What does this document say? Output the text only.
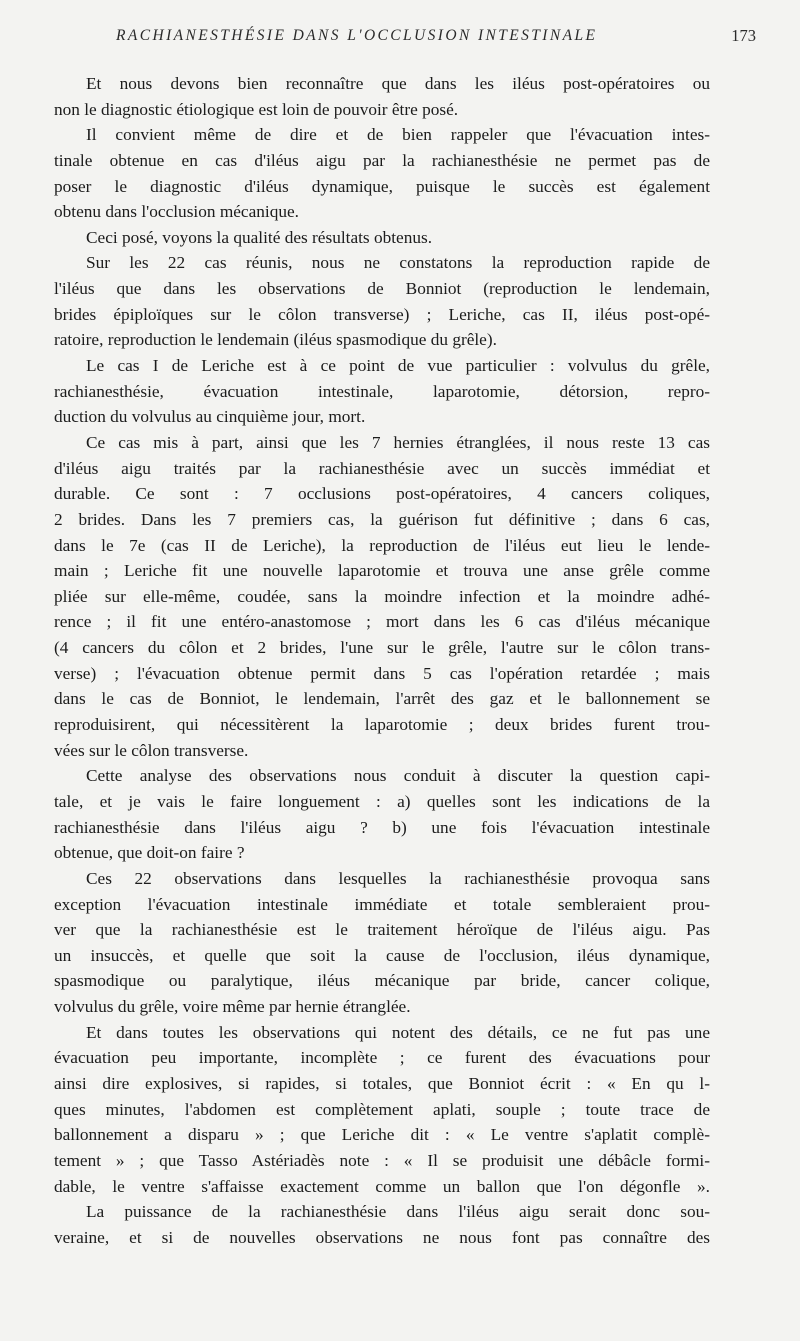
RACHIANESTHÉSIE DANS L'OCCLUSION INTESTINALE	173
Et nous devons bien reconnaître que dans les iléus post-opératoires ou
non le diagnostic étiologique est loin de pouvoir être posé.
Il convient même de dire et de bien rappeler que l'évacuation intes-
tinale obtenue en cas d'iléus aigu par la rachianesthésie ne permet pas de
poser le diagnostic d'iléus dynamique, puisque le succès est également
obtenu dans l'occlusion mécanique.
Ceci posé, voyons la qualité des résultats obtenus.
Sur les 22 cas réunis, nous ne constatons la reproduction rapide de
l'iléus que dans les observations de Bonniot (reproduction le lendemain,
brides épiploïques sur le côlon transverse) ; Leriche, cas II, iléus post-opé-
ratoire, reproduction le lendemain (iléus spasmodique du grêle).
Le cas I de Leriche est à ce point de vue particulier : volvulus du grêle,
rachianesthésie, évacuation intestinale, laparotomie, détorsion, repro-
duction du volvulus au cinquième jour, mort.
Ce cas mis à part, ainsi que les 7 hernies étranglées, il nous reste 13 cas
d'iléus aigu traités par la rachianesthésie avec un succès immédiat et
durable. Ce sont : 7 occlusions post-opératoires, 4 cancers coliques,
2 brides. Dans les 7 premiers cas, la guérison fut définitive ; dans 6 cas,
dans le 7e (cas II de Leriche), la reproduction de l'iléus eut lieu le lende-
main ; Leriche fit une nouvelle laparotomie et trouva une anse grêle comme
pliée sur elle-même, coudée, sans la moindre infection et la moindre adhé-
rence ; il fit une entéro-anastomose ; mort dans les 6 cas d'iléus mécanique
(4 cancers du côlon et 2 brides, l'une sur le grêle, l'autre sur le côlon trans-
verse) ; l'évacuation obtenue permit dans 5 cas l'opération retardée ; mais
dans le cas de Bonniot, le lendemain, l'arrêt des gaz et le ballonnement se
reproduisirent, qui nécessitèrent la laparotomie ; deux brides furent trou-
vées sur le côlon transverse.
Cette analyse des observations nous conduit à discuter la question capi-
tale, et je vais le faire longuement : a) quelles sont les indications de la
rachianesthésie dans l'iléus aigu ? b) une fois l'évacuation intestinale
obtenue, que doit-on faire ?
Ces 22 observations dans lesquelles la rachianesthésie provoqua sans
exception l'évacuation intestinale immédiate et totale sembleraient prou-
ver que la rachianesthésie est le traitement héroïque de l'iléus aigu. Pas
un insuccès, et quelle que soit la cause de l'occlusion, iléus dynamique,
spasmodique ou paralytique, iléus mécanique par bride, cancer colique,
volvulus du grêle, voire même par hernie étranglée.
Et dans toutes les observations qui notent des détails, ce ne fut pas une
évacuation peu importante, incomplète ; ce furent des évacuations pour
ainsi dire explosives, si rapides, si totales, que Bonniot écrit : « En qu l-
ques minutes, l'abdomen est complètement aplati, souple ; toute trace de
ballonnement a disparu » ; que Leriche dit : « Le ventre s'aplatit complè-
tement » ; que Tasso Astériadès note : « Il se produisit une débâcle formi-
dable, le ventre s'affaisse exactement comme un ballon que l'on dégonfle ».
La puissance de la rachianesthésie dans l'iléus aigu serait donc sou-
veraine, et si de nouvelles observations ne nous font pas connaître des
